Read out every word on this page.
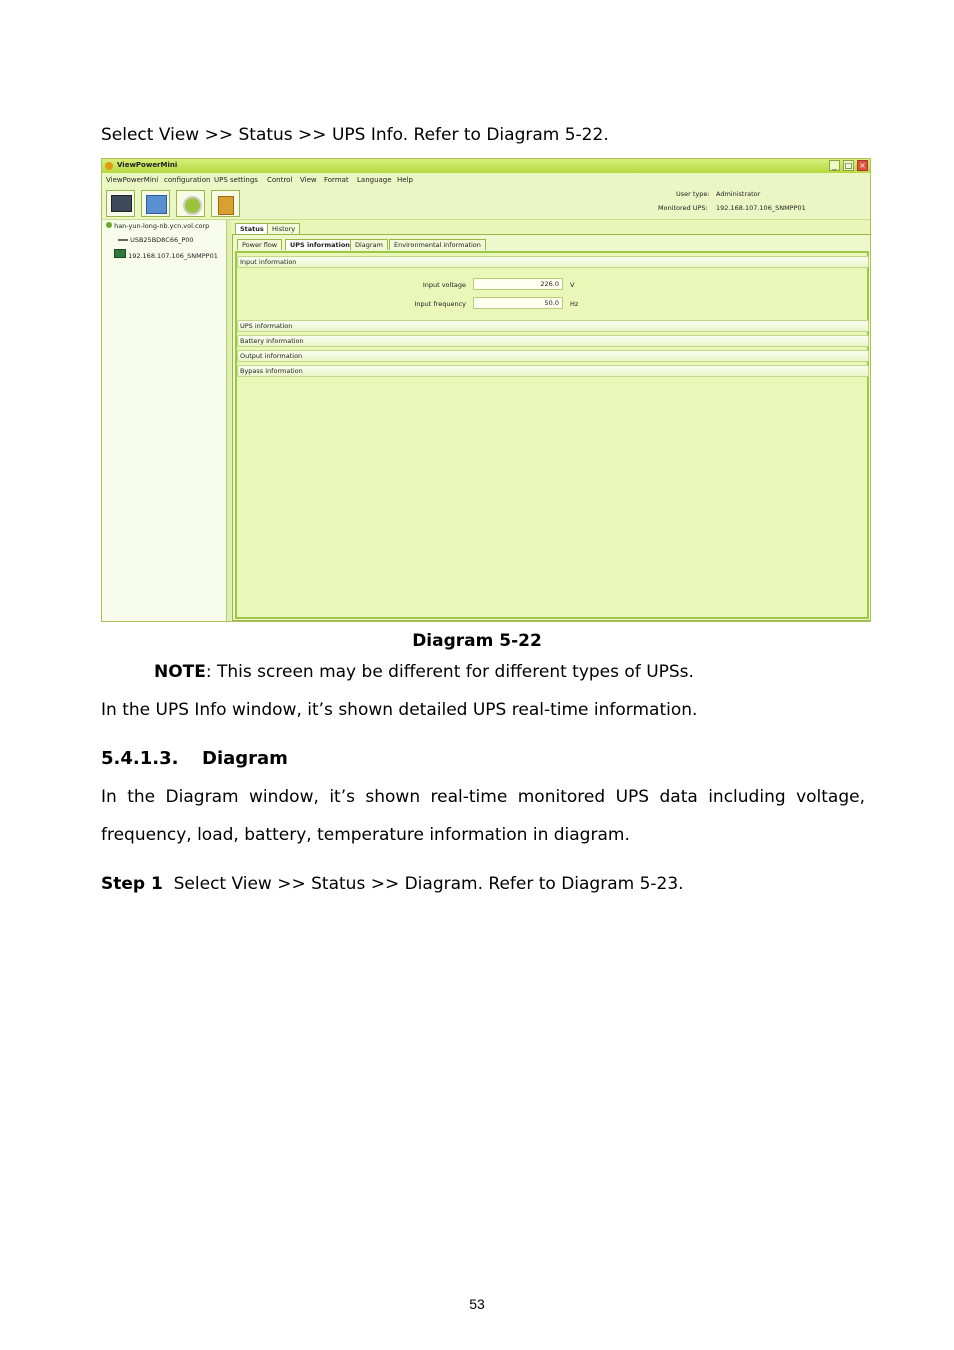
Select View >> Status >> UPS Info. Refer to Diagram 5-22.
ViewPowerMini	_	□ ×
ViewPowerMini configuration UPS settings Control View Format Language Help
User type: Administrator
Monitored UPS: 192.168.107.106_SNMPP01
han-yun-long-nb.ycn.vol.corp
USB25BD8C66_P00
192.168.107.106_SNMPP01
Status	History
Power flow	UPS information Diagram	Environmental information
Input information
Input voltage	226.0	V
Input frequency	50.0	Hz
UPS information
Battery information
Output information
Bypass information
Diagram 5-22
NOTE: This screen may be different for different types of UPSs.
In the UPS Info window, it’s shown detailed UPS real-time information.
5.4.1.3. Diagram
In the Diagram window, it’s shown real-time monitored UPS data including voltage,
frequency, load, battery, temperature information in diagram.
Step 1 Select View >> Status >> Diagram. Refer to Diagram 5-23.
53
